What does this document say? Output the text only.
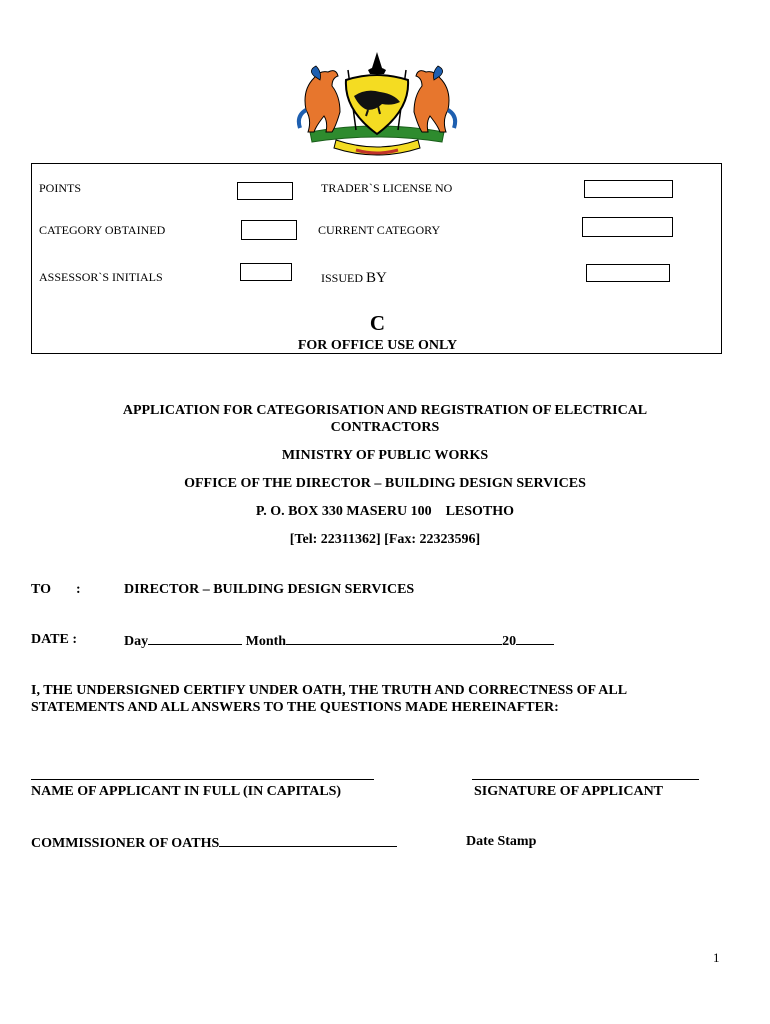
POINTS	TRADER`S LICENSE NO
CATEGORY OBTAINED	CURRENT CATEGORY
ASSESSOR`S INITIALS	ISSUED BY
C
FOR OFFICE USE ONLY
APPLICATION FOR CATEGORISATION AND REGISTRATION OF ELECTRICAL
CONTRACTORS
MINISTRY OF PUBLIC WORKS
OFFICE OF THE DIRECTOR – BUILDING DESIGN SERVICES
P. O. BOX 330 MASERU 100    LESOTHO
[Tel: 22311362] [Fax: 22323596]
TO :	DIRECTOR – BUILDING DESIGN SERVICES
DATE :	Day	Month	20
I, THE UNDERSIGNED CERTIFY UNDER OATH, THE TRUTH AND CORRECTNESS OF ALL
STATEMENTS AND ALL ANSWERS TO THE QUESTIONS MADE HEREINAFTER:
NAME OF APPLICANT IN FULL (IN CAPITALS)	SIGNATURE OF APPLICANT
COMMISSIONER OF OATHS	Date Stamp
1
